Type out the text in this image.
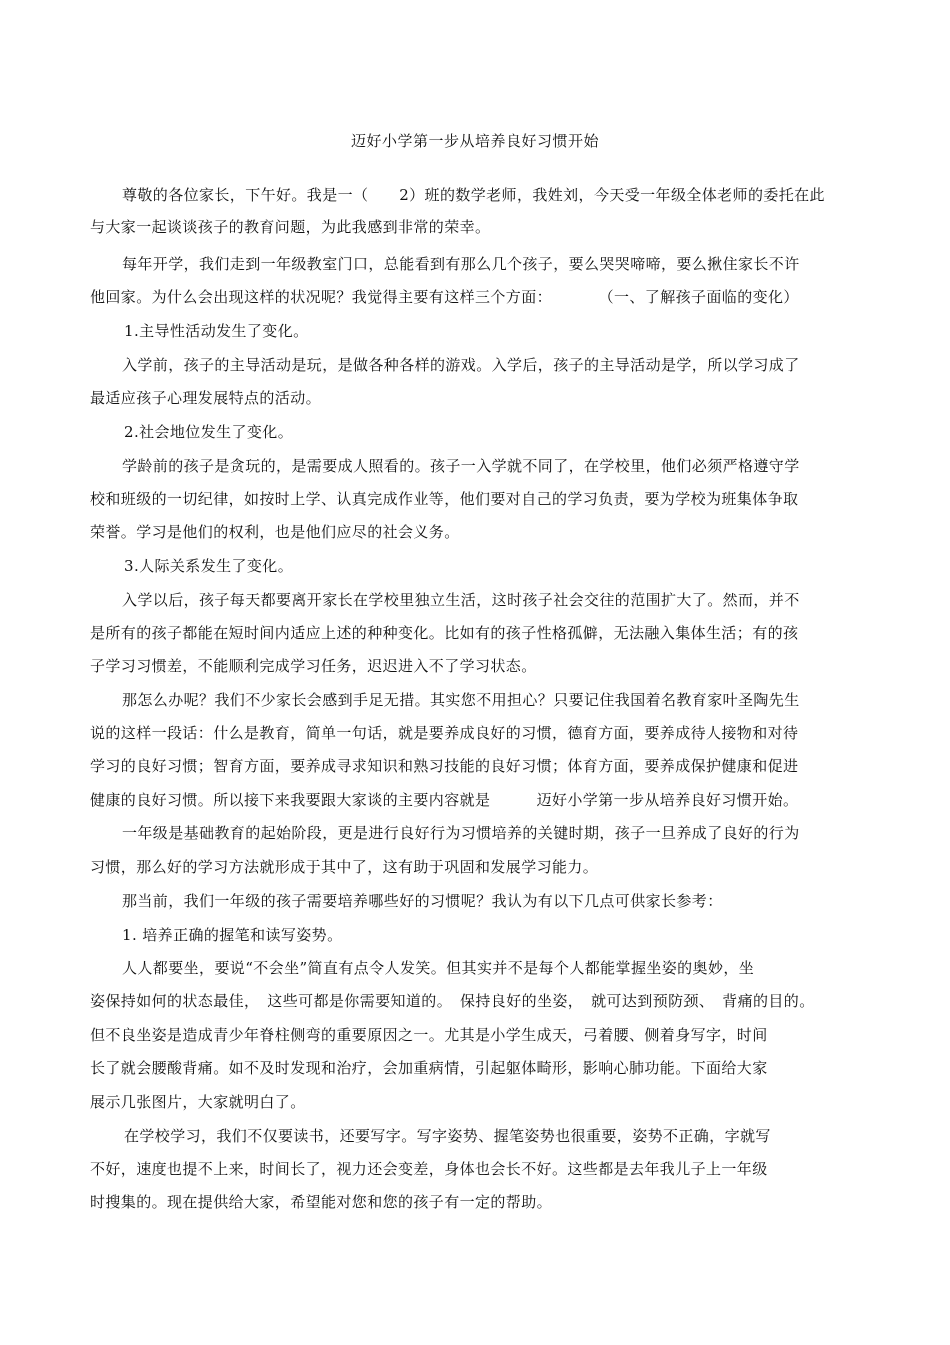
迈好小学第一步从培养良好习惯开始
尊敬的各位家长，下午好。我是一（　　2）班的数学老师，我姓刘，今天受一年级全体老师的委托在此
与大家一起谈谈孩子的教育问题，为此我感到非常的荣幸。
每年开学，我们走到一年级教室门口，总能看到有那么几个孩子，要么哭哭啼啼，要么揪住家长不许
他回家。为什么会出现这样的状况呢？我觉得主要有这样三个方面：　　　　（一、了解孩子面临的变化）
1.主导性活动发生了变化。
入学前，孩子的主导活动是玩，是做各种各样的游戏。入学后，孩子的主导活动是学，所以学习成了
最适应孩子心理发展特点的活动。
2.社会地位发生了变化。
学龄前的孩子是贪玩的，是需要成人照看的。孩子一入学就不同了，在学校里，他们必须严格遵守学
校和班级的一切纪律，如按时上学、认真完成作业等，他们要对自己的学习负责，要为学校为班集体争取
荣誉。学习是他们的权利，也是他们应尽的社会义务。
3.人际关系发生了变化。
入学以后，孩子每天都要离开家长在学校里独立生活，这时孩子社会交往的范围扩大了。然而，并不
是所有的孩子都能在短时间内适应上述的种种变化。比如有的孩子性格孤僻，无法融入集体生活；有的孩
子学习习惯差，不能顺利完成学习任务，迟迟进入不了学习状态。
那怎么办呢？我们不少家长会感到手足无措。其实您不用担心？只要记住我国着名教育家叶圣陶先生
说的这样一段话：什么是教育，简单一句话，就是要养成良好的习惯，德育方面，要养成待人接物和对待
学习的良好习惯；智育方面，要养成寻求知识和熟习技能的良好习惯；体育方面，要养成保护健康和促进
健康的良好习惯。所以接下来我要跟大家谈的主要内容就是　　　迈好小学第一步从培养良好习惯开始。
一年级是基础教育的起始阶段，更是进行良好行为习惯培养的关键时期，孩子一旦养成了良好的行为
习惯，那么好的学习方法就形成于其中了，这有助于巩固和发展学习能力。
那当前，我们一年级的孩子需要培养哪些好的习惯呢？我认为有以下几点可供家长参考：
1. 培养正确的握笔和读写姿势。
人人都要坐，要说“不会坐”简直有点令人发笑。但其实并不是每个人都能掌握坐姿的奥妙，坐
姿保持如何的状态最佳，　这些可都是你需要知道的。　保持良好的坐姿，　就可达到预防颈、　背痛的目的。
但不良坐姿是造成青少年脊柱侧弯的重要原因之一。尤其是小学生成天，弓着腰、侧着身写字，时间
长了就会腰酸背痛。如不及时发现和治疗，会加重病情，引起躯体畸形，影响心肺功能。下面给大家
展示几张图片，大家就明白了。
在学校学习，我们不仅要读书，还要写字。写字姿势、握笔姿势也很重要，姿势不正确，字就写
不好，速度也提不上来，时间长了，视力还会变差，身体也会长不好。这些都是去年我儿子上一年级
时搜集的。现在提供给大家，希望能对您和您的孩子有一定的帮助。
